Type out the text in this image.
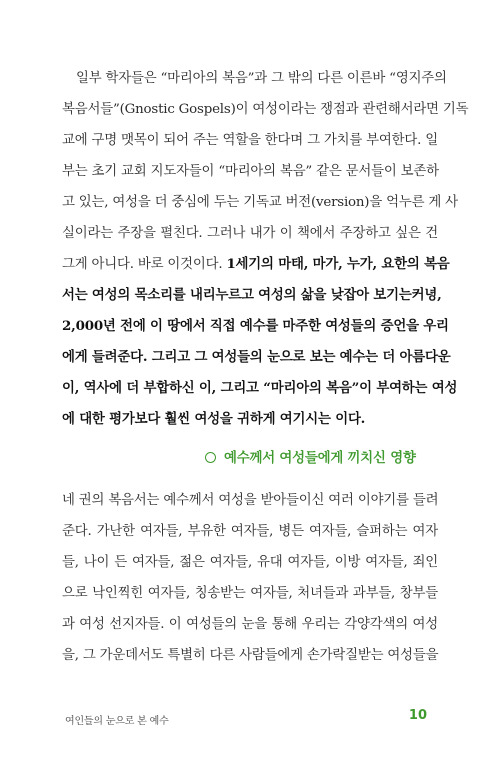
일부 학자들은 “마리아의 복음”과 그 밖의 다른 이른바 “영지주의
복음서들”(Gnostic Gospels)이 여성이라는 쟁점과 관련해서라면 기독
교에 구명 맷목이 되어 주는 역할을 한다며 그 가치를 부여한다. 일
부는 초기 교회 지도자들이 “마리아의 복음” 같은 문서들이 보존하
고 있는, 여성을 더 중심에 두는 기독교 버전(version)을 억누른 게 사
실이라는 주장을 펼친다. 그러나 내가 이 책에서 주장하고 싶은 건
그게 아니다. 바로 이것이다. 1세기의 마태, 마가, 누가, 요한의 복음
서는 여성의 목소리를 내리누르고 여성의 삶을 낮잡아 보기는커녕,
2,000년 전에 이 땅에서 직접 예수를 마주한 여성들의 증언을 우리
에게 들려준다. 그리고 그 여성들의 눈으로 보는 예수는 더 아름다운
이, 역사에 더 부합하신 이, 그리고 “마리아의 복음”이 부여하는 여성
에 대한 평가보다 훨씬 여성을 귀하게 여기시는 이다.
예수께서 여성들에게 끼치신 영향
네 권의 복음서는 예수께서 여성을 받아들이신 여러 이야기를 들려
준다. 가난한 여자들, 부유한 여자들, 병든 여자들, 슬퍼하는 여자
들, 나이 든 여자들, 젊은 여자들, 유대 여자들, 이방 여자들, 죄인
으로 낙인찍힌 여자들, 칭송받는 여자들, 처녀들과 과부들, 창부들
과 여성 선지자들. 이 여성들의 눈을 통해 우리는 각양각색의 여성
을, 그 가운데서도 특별히 다른 사람들에게 손가락질받는 여성들을
여인들의 눈으로 본 예수	10
